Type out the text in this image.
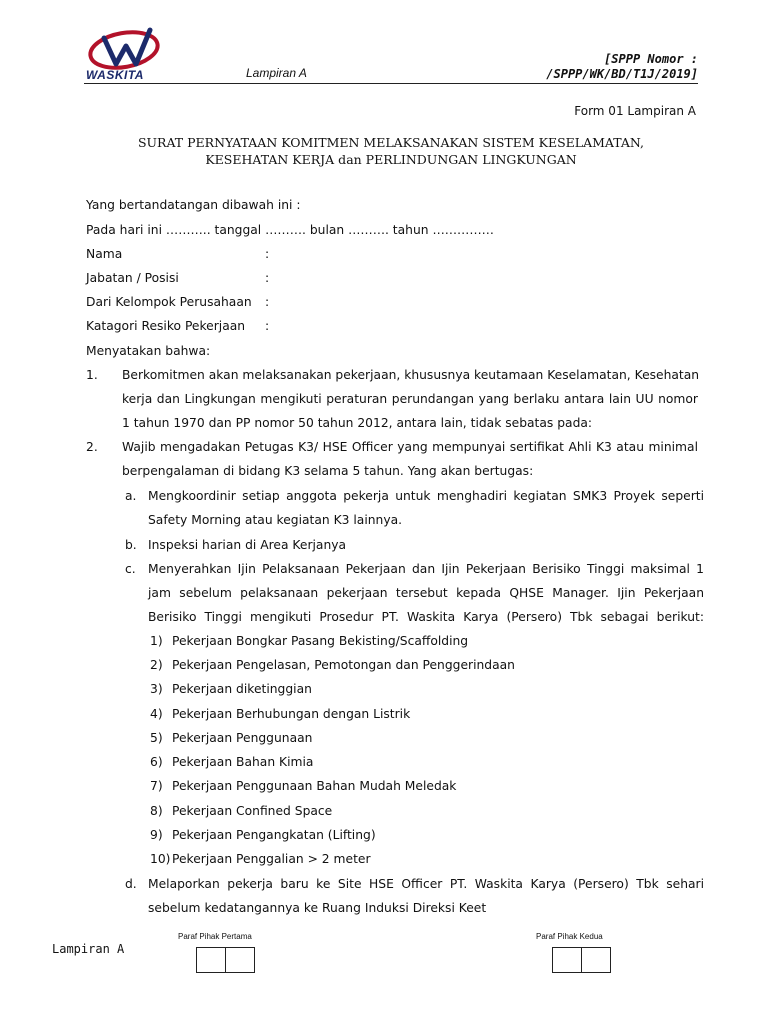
WASKITA	Lampiran A
[SPPP Nomor :
/SPPP/WK/BD/T1J/2019]
Form 01 Lampiran A
SURAT PERNYATAAN KOMITMEN MELAKSANAKAN SISTEM KESELAMATAN,
KESEHATAN KERJA dan PERLINDUNGAN LINGKUNGAN
Yang bertandatangan dibawah ini :
Pada hari ini ……….. tanggal ………. bulan ………. tahun ……………
Nama	:
Jabatan / Posisi	:
Dari Kelompok Perusahaan :
Katagori Resiko Pekerjaan :
Menyatakan bahwa:
1. Berkomitmen akan melaksanakan pekerjaan, khususnya keutamaan Keselamatan, Kesehatan
kerja dan Lingkungan mengikuti peraturan perundangan yang berlaku antara lain UU nomor
1 tahun 1970 dan PP nomor 50 tahun 2012, antara lain, tidak sebatas pada:
2. Wajib mengadakan Petugas K3/ HSE Officer yang mempunyai sertifikat Ahli K3 atau minimal
berpengalaman di bidang K3 selama 5 tahun. Yang akan bertugas:
a. Mengkoordinir setiap anggota pekerja untuk menghadiri kegiatan SMK3 Proyek seperti
Safety Morning atau kegiatan K3 lainnya.
b. Inspeksi harian di Area Kerjanya
c. Menyerahkan Ijin Pelaksanaan Pekerjaan dan Ijin Pekerjaan Berisiko Tinggi maksimal 1
jam sebelum pelaksanaan pekerjaan tersebut kepada QHSE Manager. Ijin Pekerjaan
Berisiko Tinggi mengikuti Prosedur PT. Waskita Karya (Persero) Tbk sebagai berikut:
1) Pekerjaan Bongkar Pasang Bekisting/Scaffolding
2) Pekerjaan Pengelasan, Pemotongan dan Penggerindaan
3) Pekerjaan diketinggian
4) Pekerjaan Berhubungan dengan Listrik
5) Pekerjaan Penggunaan
6) Pekerjaan Bahan Kimia
7) Pekerjaan Penggunaan Bahan Mudah Meledak
8) Pekerjaan Confined Space
9) Pekerjaan Pengangkatan (Lifting)
10) Pekerjaan Penggalian > 2 meter
d. Melaporkan pekerja baru ke Site HSE Officer PT. Waskita Karya (Persero) Tbk sehari
sebelum kedatangannya ke Ruang Induksi Direksi Keet
Lampiran A
Paraf Pihak Pertama	Paraf Pihak Kedua
